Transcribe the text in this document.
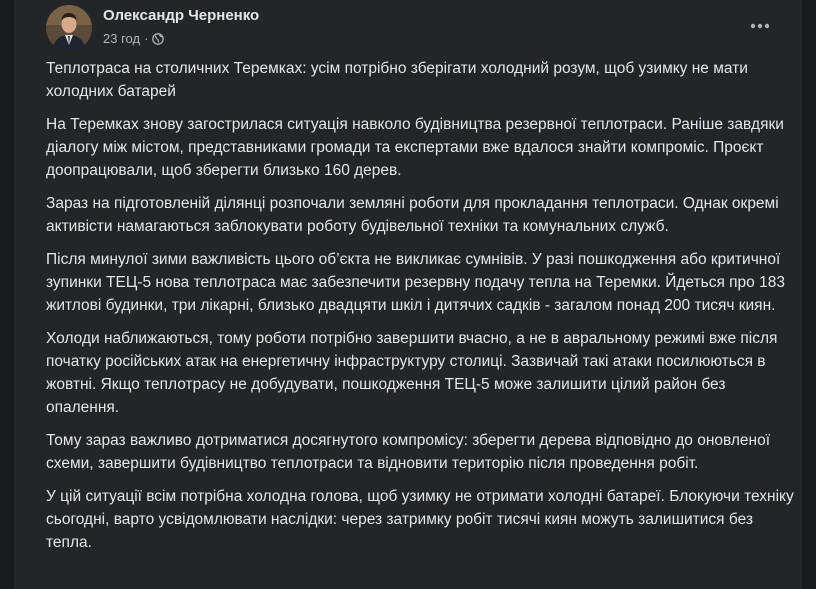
Олександр Черненко
23 год ·

Теплотраса на столичних Теремках: усім потрібно зберігати холодний розум, щоб узимку не мати холодних батарей

На Теремках знову загострилася ситуація навколо будівництва резервної теплотраси. Раніше завдяки діалогу між містом, представниками громади та експертами вже вдалося знайти компроміс. Проєкт доопрацювали, щоб зберегти близько 160 дерев.

Зараз на підготовленій ділянці розпочали земляні роботи для прокладання теплотраси. Однак окремі активісти намагаються заблокувати роботу будівельної техніки та комунальних служб.

Після минулої зими важливість цього об’єкта не викликає сумнівів. У разі пошкодження або критичної зупинки ТЕЦ-5 нова теплотраса має забезпечити резервну подачу тепла на Теремки. Йдеться про 183 житлові будинки, три лікарні, близько двадцяти шкіл і дитячих садків - загалом понад 200 тисяч киян.

Холоди наближаються, тому роботи потрібно завершити вчасно, а не в авральному режимі вже після початку російських атак на енергетичну інфраструктуру столиці. Зазвичай такі атаки посилюються в жовтні. Якщо теплотрасу не добудувати, пошкодження ТЕЦ-5 може залишити цілий район без опалення.

Тому зараз важливо дотриматися досягнутого компромісу: зберегти дерева відповідно до оновленої схеми, завершити будівництво теплотраси та відновити територію після проведення робіт.

У цій ситуації всім потрібна холодна голова, щоб узимку не отримати холодні батареї. Блокуючи техніку сьогодні, варто усвідомлювати наслідки: через затримку робіт тисячі киян можуть залишитися без тепла.
